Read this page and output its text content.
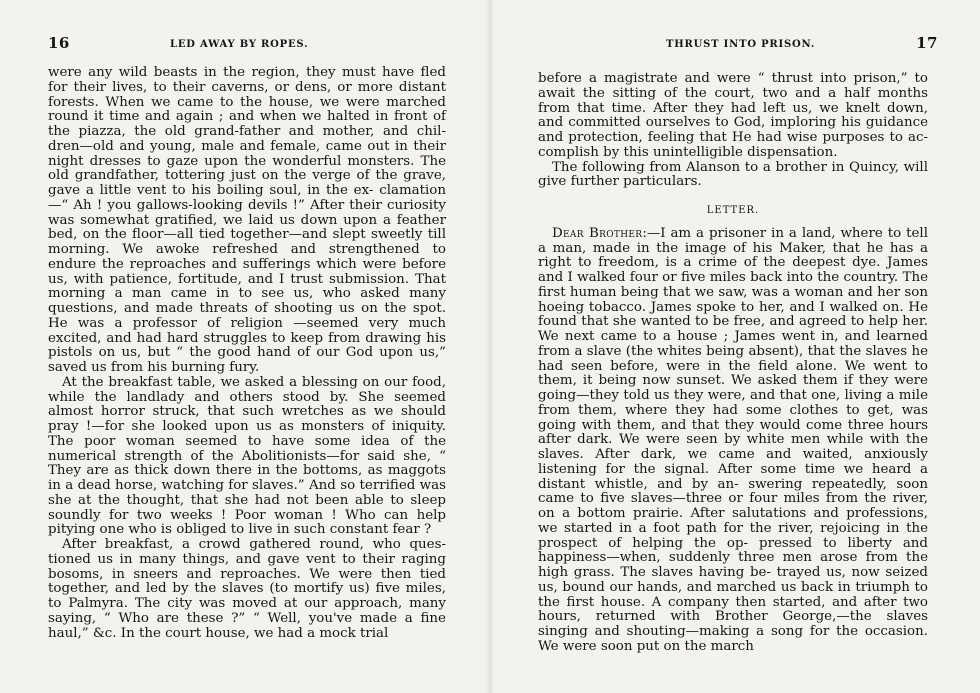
16	LED AWAY BY ROPES.

were any wild beasts in the region, they must have fled for their lives, to their caverns, or dens, or more distant forests. When we came to the house, we were marched round it time and again ; and when we halted in front of the piazza, the old grand-father and mother, and chil- dren—old and young, male and female, came out in their night dresses to gaze upon the wonderful monsters. The old grandfather, tottering just on the verge of the grave, gave a little vent to his boiling soul, in the ex- clamation—“ Ah ! you gallows-looking devils !” After their curiosity was somewhat gratified, we laid us down upon a feather bed, on the floor—all tied together—and slept sweetly till morning. We awoke refreshed and strengthened to endure the reproaches and sufferings which were before us, with patience, fortitude, and I trust submission. That morning a man came in to see us, who asked many questions, and made threats of shooting us on the spot. He was a professor of religion —seemed very much excited, and had hard struggles to keep from drawing his pistols on us, but “ the good hand of our God upon us,” saved us from his burning fury.

At the breakfast table, we asked a blessing on our food, while the landlady and others stood by. She seemed almost horror struck, that such wretches as we should pray !—for she looked upon us as monsters of iniquity. The poor woman seemed to have some idea of the numerical strength of the Abolitionists—for said she, “ They are as thick down there in the bottoms, as maggots in a dead horse, watching for slaves.” And so terrified was she at the thought, that she had not been able to sleep soundly for two weeks ! Poor woman ! Who can help pitying one who is obliged to live in such constant fear ?

After breakfast, a crowd gathered round, who ques- tioned us in many things, and gave vent to their raging bosoms, in sneers and reproaches. We were then tied together, and led by the slaves (to mortify us) five miles, to Palmyra. The city was moved at our approach, many saying, “ Who are these ?” “ Well, you've made a fine haul,” &c. In the court house, we had a mock trial

THRUST INTO PRISON.	17

before a magistrate and were “ thrust into prison,” to await the sitting of the court, two and a half months from that time. After they had left us, we knelt down, and committed ourselves to God, imploring his guidance and protection, feeling that He had wise purposes to ac- complish by this unintelligible dispensation.

The following from Alanson to a brother in Quincy, will give further particulars.

LETTER.

Dear Brother:—I am a prisoner in a land, where to tell a man, made in the image of his Maker, that he has a right to freedom, is a crime of the deepest dye. James and I walked four or five miles back into the country. The first human being that we saw, was a woman and her son hoeing tobacco. James spoke to her, and I walked on. He found that she wanted to be free, and agreed to help her. We next came to a house ; James went in, and learned from a slave (the whites being absent), that the slaves he had seen before, were in the field alone. We went to them, it being now sunset. We asked them if they were going—they told us they were, and that one, living a mile from them, where they had some clothes to get, was going with them, and that they would come three hours after dark. We were seen by white men while with the slaves. After dark, we came and waited, anxiously listening for the signal. After some time we heard a distant whistle, and by an- swering repeatedly, soon came to five slaves—three or four miles from the river, on a bottom prairie. After salutations and professions, we started in a foot path for the river, rejoicing in the prospect of helping the op- pressed to liberty and happiness—when, suddenly three men arose from the high grass. The slaves having be- trayed us, now seized us, bound our hands, and marched us back in triumph to the first house. A company then started, and after two hours, returned with Brother George,—the slaves singing and shouting—making a song for the occasion. We were soon put on the march
